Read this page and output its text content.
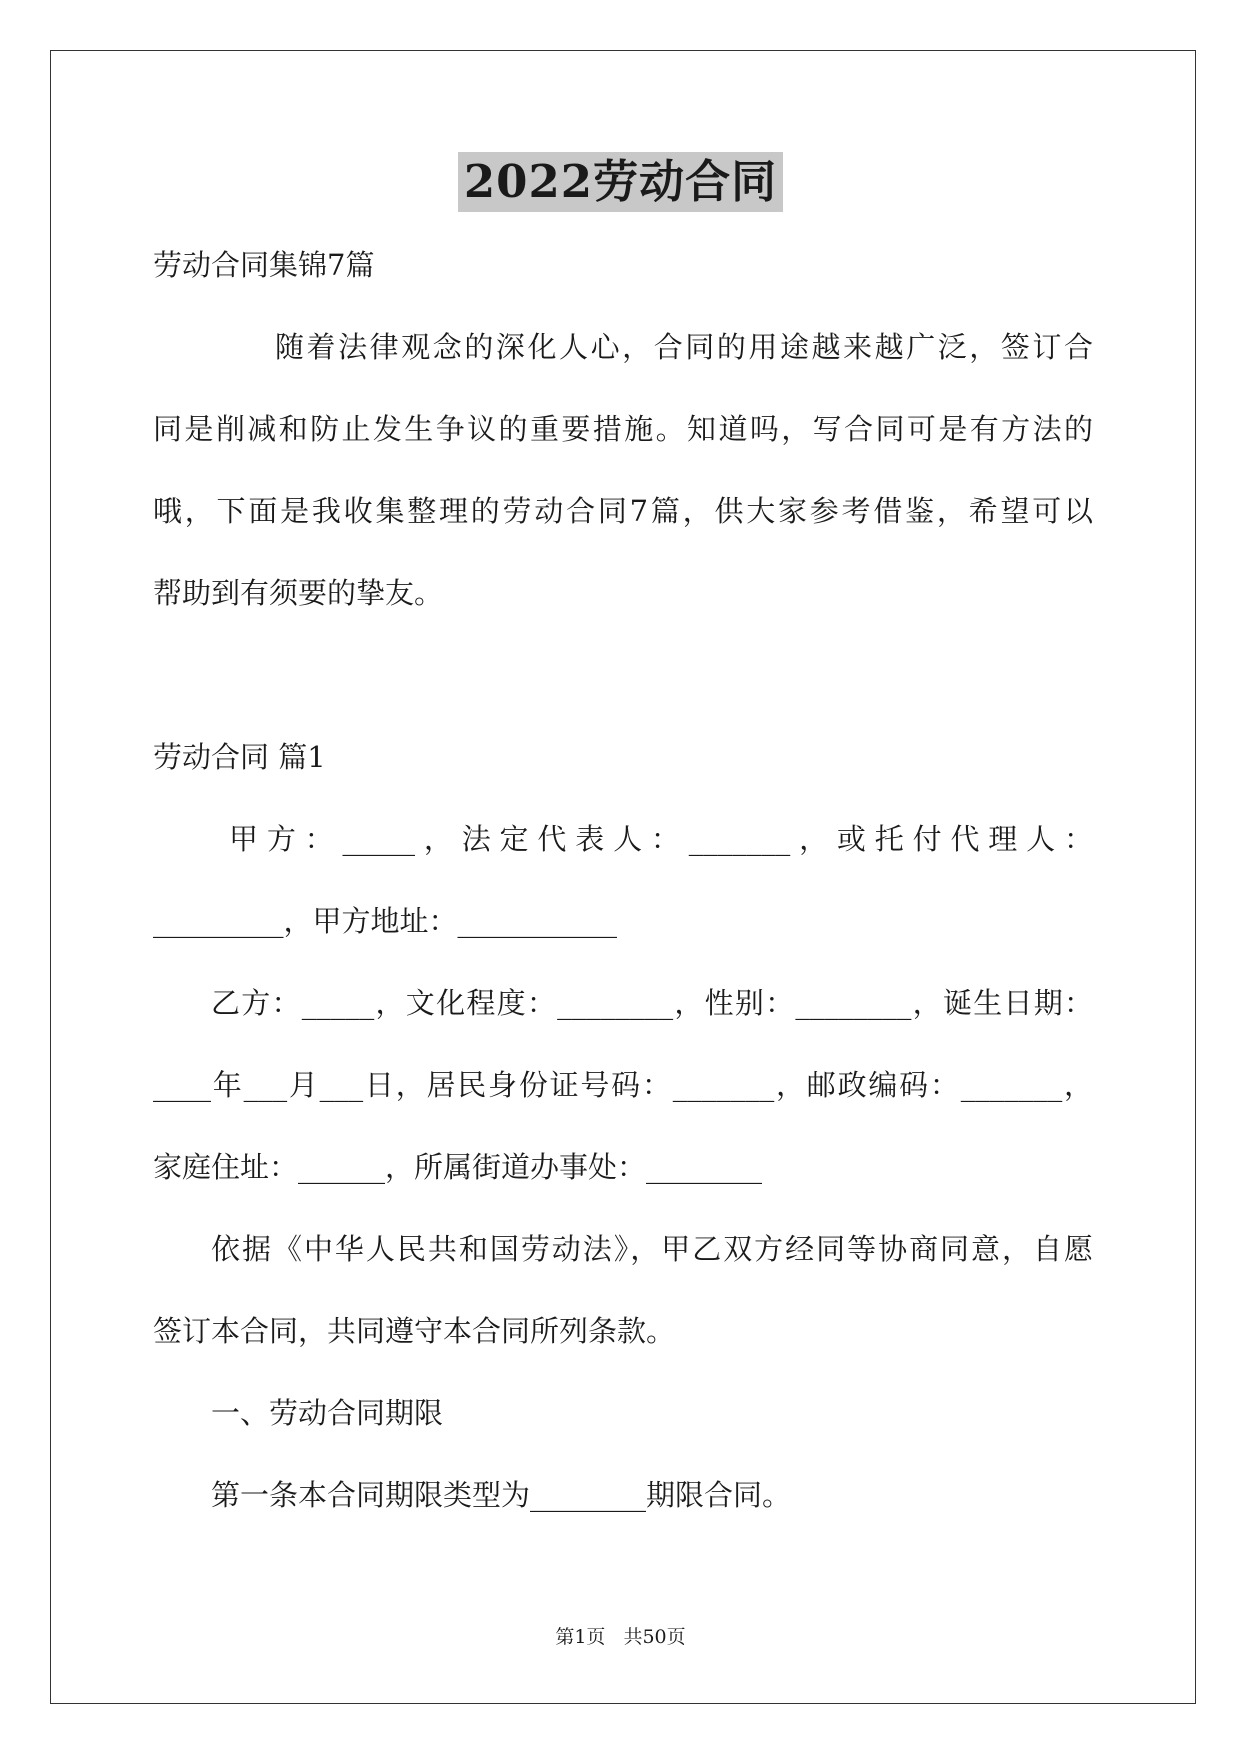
2022劳动合同
劳动合同集锦7篇
随着法律观念的深化人心，合同的用途越来越广泛，签订合
同是削减和防止发生争议的重要措施。知道吗，写合同可是有方法的
哦，下面是我收集整理的劳动合同7篇，供大家参考借鉴，希望可以
帮助到有须要的挚友。
劳动合同 篇1
甲方：_____，法定代表人：_______，或托付代理人：
_________，甲方地址：___________
乙方：_____，文化程度：________，性别：________，诞生日期：
____年___月___日，居民身份证号码：_______，邮政编码：_______，
家庭住址：______，所属街道办事处：________
依据《中华人民共和国劳动法》，甲乙双方经同等协商同意，自愿
签订本合同，共同遵守本合同所列条款。
一、劳动合同期限
第一条本合同期限类型为________期限合同。
第1页 共50页
